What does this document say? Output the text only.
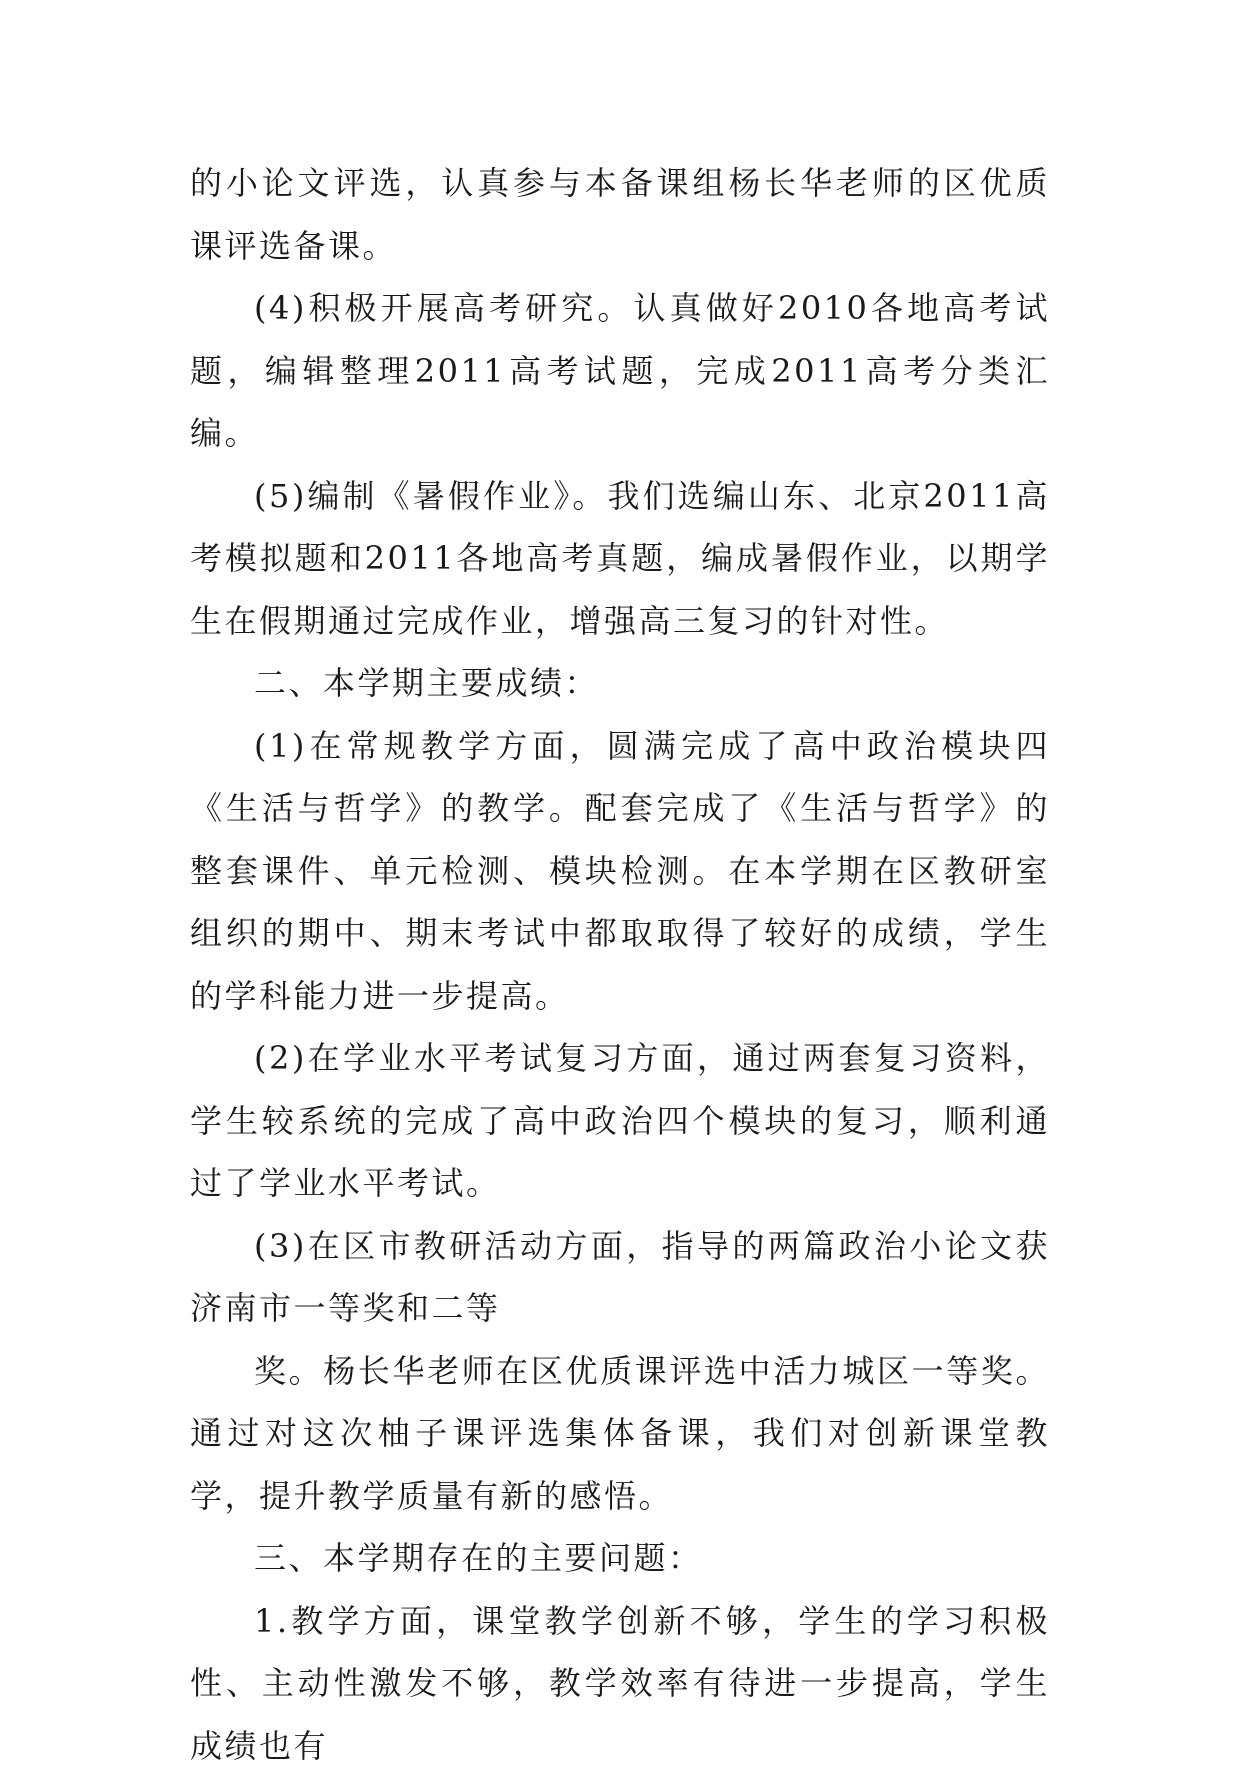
的小论文评选，认真参与本备课组杨长华老师的区优质课评选备课。

(4)积极开展高考研究。认真做好2010各地高考试题，编辑整理2011高考试题，完成2011高考分类汇编。

(5)编制《暑假作业》。我们选编山东、北京2011高考模拟题和2011各地高考真题，编成暑假作业，以期学生在假期通过完成作业，增强高三复习的针对性。

二、本学期主要成绩：

(1)在常规教学方面，圆满完成了高中政治模块四《生活与哲学》的教学。配套完成了《生活与哲学》的整套课件、单元检测、模块检测。在本学期在区教研室组织的期中、期末考试中都取取得了较好的成绩，学生的学科能力进一步提高。

(2)在学业水平考试复习方面，通过两套复习资料，学生较系统的完成了高中政治四个模块的复习，顺利通过了学业水平考试。

(3)在区市教研活动方面，指导的两篇政治小论文获济南市一等奖和二等

奖。杨长华老师在区优质课评选中活力城区一等奖。通过对这次柚子课评选集体备课，我们对创新课堂教学，提升教学质量有新的感悟。

三、本学期存在的主要问题：

1.教学方面，课堂教学创新不够，学生的学习积极性、主动性激发不够，教学效率有待进一步提高，学生成绩也有
